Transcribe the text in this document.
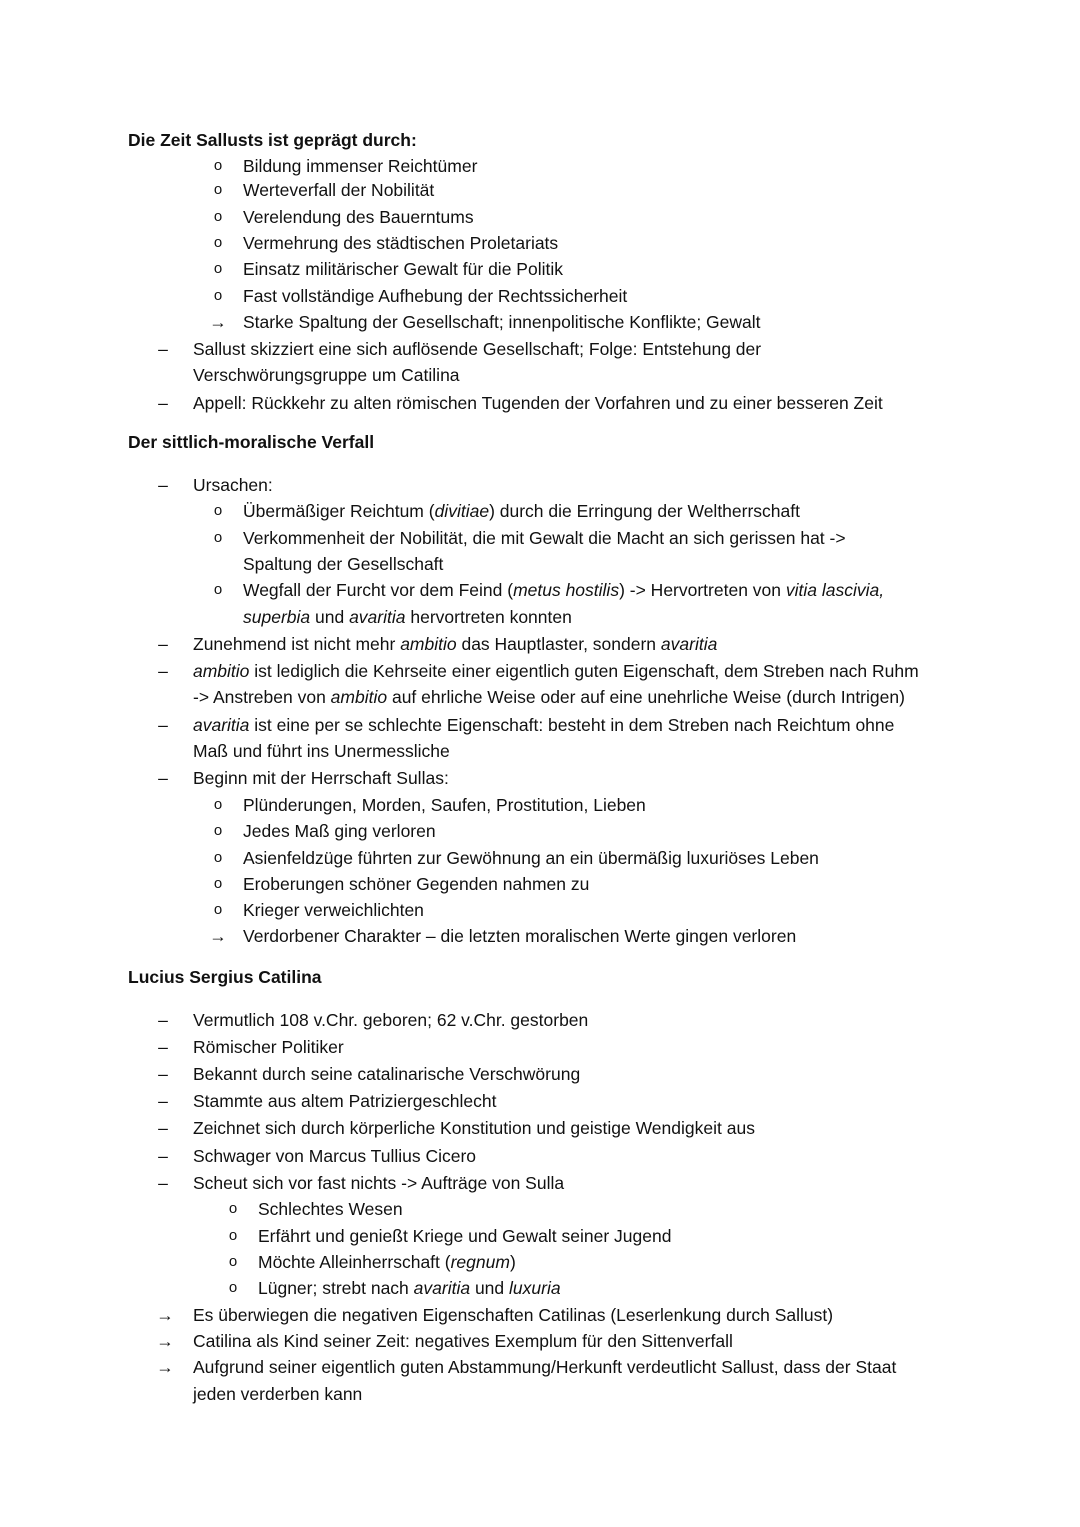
Die Zeit Sallusts ist geprägt durch:
o	Bildung immenser Reichtümer
o	Werteverfall der Nobilität
o	Verelendung des Bauerntums
o	Vermehrung des städtischen Proletariats
o	Einsatz militärischer Gewalt für die Politik
o	Fast vollständige Aufhebung der Rechtssicherheit
→ Starke Spaltung der Gesellschaft; innenpolitische Konflikte; Gewalt
– Sallust skizziert eine sich auflösende Gesellschaft; Folge: Entstehung der
Verschwörungsgruppe um Catilina
– Appell: Rückkehr zu alten römischen Tugenden der Vorfahren und zu einer besseren Zeit
Der sittlich-moralische Verfall
– Ursachen:
o	Übermäßiger Reichtum (divitiae) durch die Erringung der Weltherrschaft
o	Verkommenheit der Nobilität, die mit Gewalt die Macht an sich gerissen hat ->
Spaltung der Gesellschaft
o	Wegfall der Furcht vor dem Feind (metus hostilis) -> Hervortreten von vitia lascivia,
superbia und avaritia hervortreten konnten
– Zunehmend ist nicht mehr ambitio das Hauptlaster, sondern avaritia
– ambitio ist lediglich die Kehrseite einer eigentlich guten Eigenschaft, dem Streben nach Ruhm
-> Anstreben von ambitio auf ehrliche Weise oder auf eine unehrliche Weise (durch Intrigen)
– avaritia ist eine per se schlechte Eigenschaft: besteht in dem Streben nach Reichtum ohne
Maß und führt ins Unermessliche
– Beginn mit der Herrschaft Sullas:
o	Plünderungen, Morden, Saufen, Prostitution, Lieben
o	Jedes Maß ging verloren
o	Asienfeldzüge führten zur Gewöhnung an ein übermäßig luxuriöses Leben
o	Eroberungen schöner Gegenden nahmen zu
o	Krieger verweichlichten
→ Verdorbener Charakter – die letzten moralischen Werte gingen verloren
Lucius Sergius Catilina
– Vermutlich 108 v.Chr. geboren; 62 v.Chr. gestorben
– Römischer Politiker
– Bekannt durch seine catalinarische Verschwörung
– Stammte aus altem Patriziergeschlecht
– Zeichnet sich durch körperliche Konstitution und geistige Wendigkeit aus
– Schwager von Marcus Tullius Cicero
– Scheut sich vor fast nichts -> Aufträge von Sulla
o	Schlechtes Wesen
o	Erfährt und genießt Kriege und Gewalt seiner Jugend
o	Möchte Alleinherrschaft (regnum)
o	Lügner; strebt nach avaritia und luxuria
→ Es überwiegen die negativen Eigenschaften Catilinas (Leserlenkung durch Sallust)
→ Catilina als Kind seiner Zeit: negatives Exemplum für den Sittenverfall
→ Aufgrund seiner eigentlich guten Abstammung/Herkunft verdeutlicht Sallust, dass der Staat
jeden verderben kann
